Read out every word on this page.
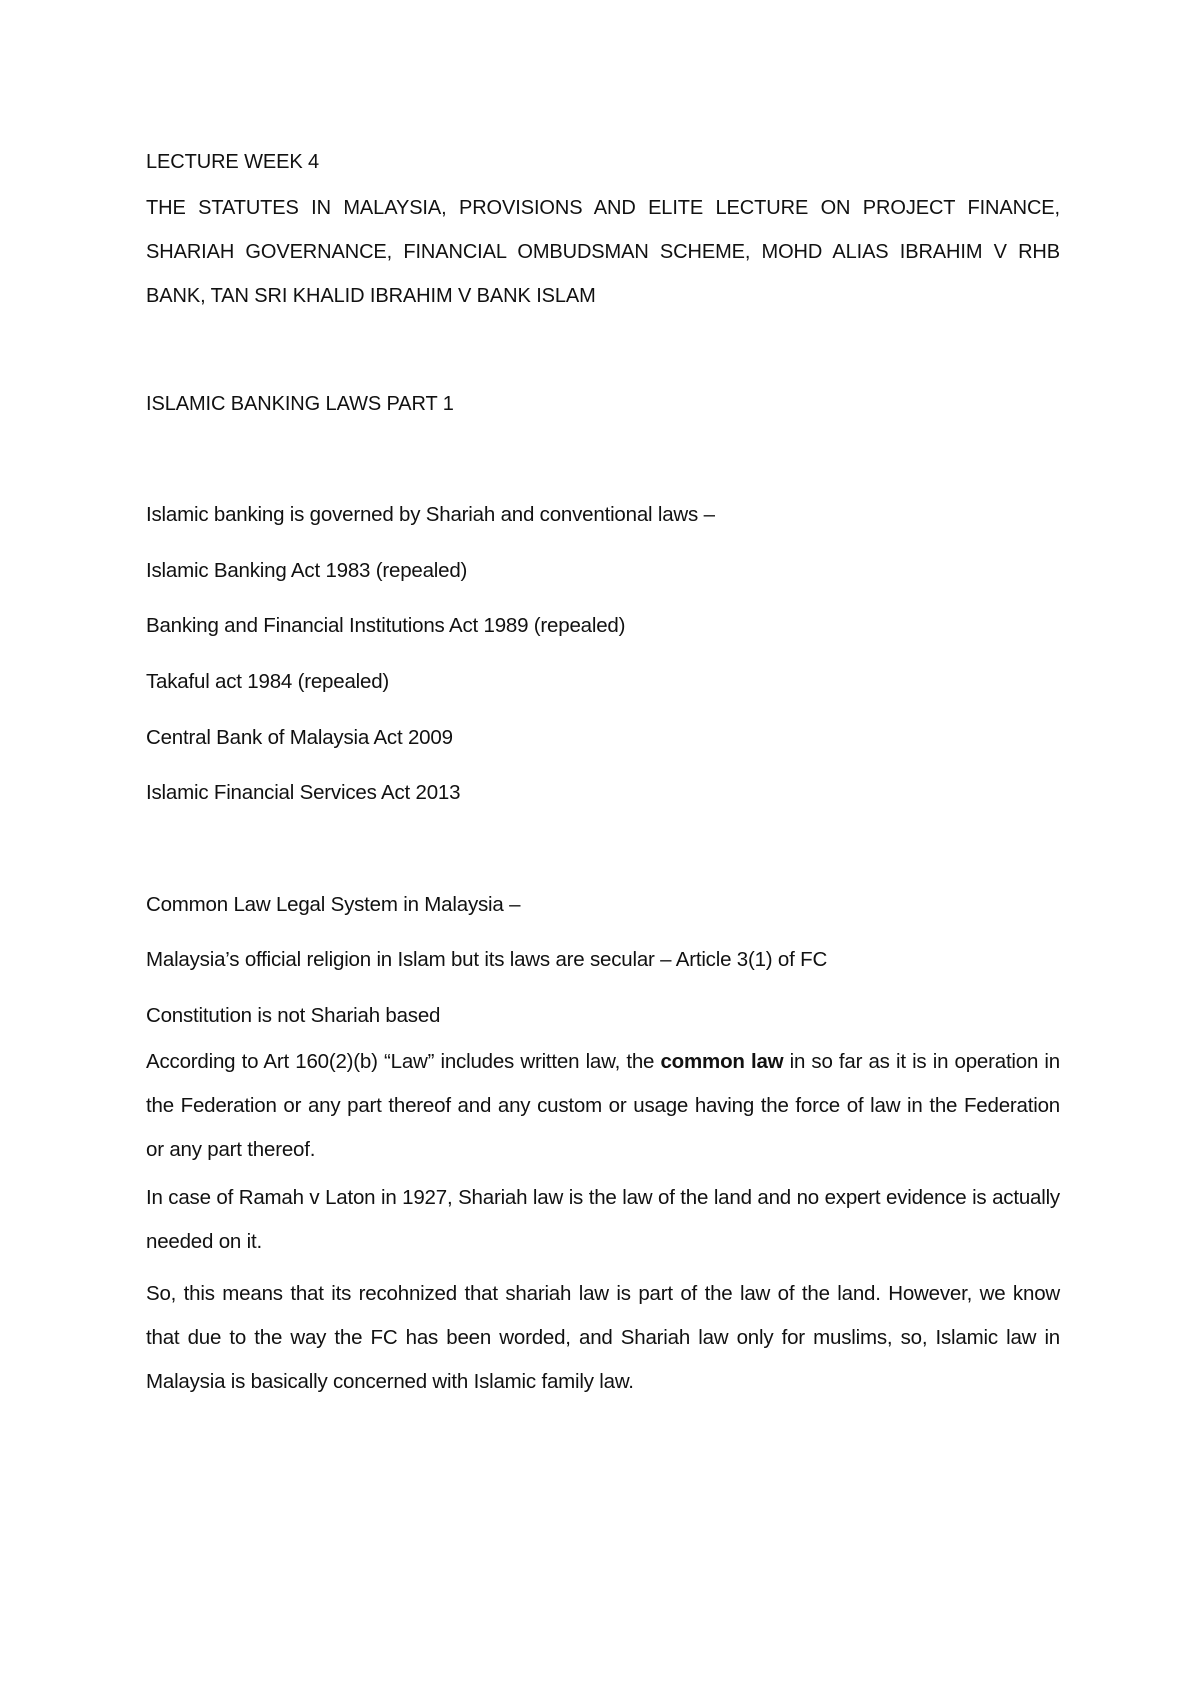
LECTURE WEEK 4
THE STATUTES IN MALAYSIA, PROVISIONS AND ELITE LECTURE ON PROJECT FINANCE, SHARIAH GOVERNANCE, FINANCIAL OMBUDSMAN SCHEME, MOHD ALIAS IBRAHIM V RHB BANK, TAN SRI KHALID IBRAHIM V BANK ISLAM
ISLAMIC BANKING LAWS PART 1
Islamic banking is governed by Shariah and conventional laws –
Islamic Banking Act 1983 (repealed)
Banking and Financial Institutions Act 1989 (repealed)
Takaful act 1984 (repealed)
Central Bank of Malaysia Act 2009
Islamic Financial Services Act 2013
Common Law Legal System in Malaysia –
Malaysia’s official religion in Islam but its laws are secular – Article 3(1) of FC
Constitution is not Shariah based
According to Art 160(2)(b) “Law” includes written law, the common law in so far as it is in operation in the Federation or any part thereof and any custom or usage having the force of law in the Federation or any part thereof.
In case of Ramah v Laton in 1927, Shariah law is the law of the land and no expert evidence is actually needed on it.
So, this means that its recohnized that shariah law is part of the law of the land. However, we know that due to the way the FC has been worded, and Shariah law only for muslims, so, Islamic law in Malaysia is basically concerned with Islamic family law.
